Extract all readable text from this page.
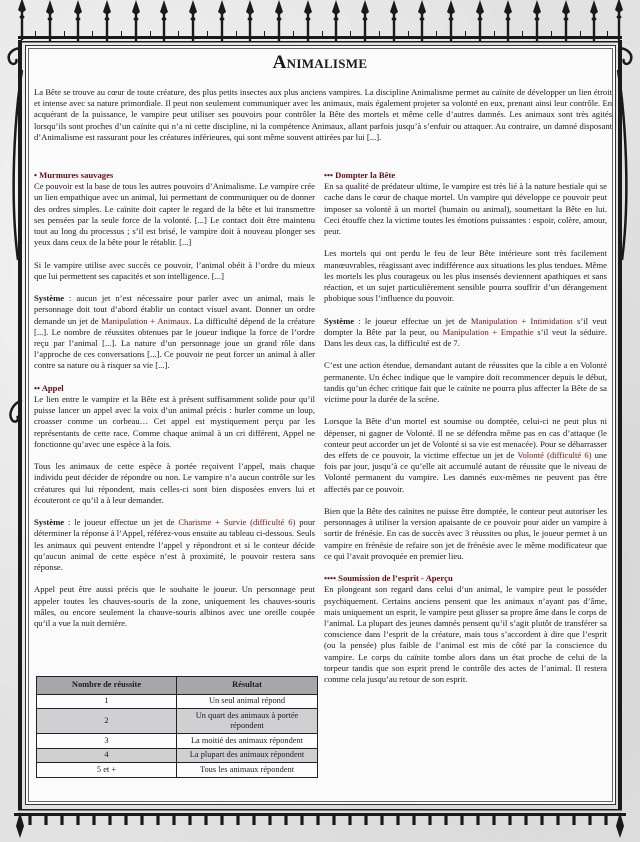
Animalisme

La Bête se trouve au cœur de toute créature, des plus petits insectes aux plus anciens vampires. La discipline Animalisme permet au caïnite de développer un lien étroit et intense avec sa nature primordiale. Il peut non seulement communiquer avec les animaux, mais également projeter sa volonté en eux, prenant ainsi leur contrôle. En acquérant de la puissance, le vampire peut utiliser ses pouvoirs pour contrôler la Bête des mortels et même celle d’autres damnés. Les animaux sont très agités lorsqu’ils sont proches d’un caïnite qui n’a ni cette discipline, ni la compétence Animaux, allant parfois jusqu’à s’enfuir ou attaquer. Au contraire, un damné disposant d’Animalisme est rassurant pour les créatures inférieures, qui sont même souvent attirées par lui [...].

• Murmures sauvages

Ce pouvoir est la base de tous les autres pouvoirs d’Animalisme. Le vampire crée un lien empathique avec un animal, lui permettant de communiquer ou de donner des ordres simples. Le caïnite doit capter le regard de la bête et lui transmettre ses pensées par la seule force de la volonté. [...] Le contact doit être maintenu tout au long du processus ; s’il est brisé, le vampire doit à nouveau plonger ses yeux dans ceux de la bête pour le rétablir. [...]

Si le vampire utilise avec succès ce pouvoir, l’animal obéit à l’ordre du mieux que lui permettent ses capacités et son intelligence. [...]

Système : aucun jet n’est nécessaire pour parler avec un animal, mais le personnage doit tout d’abord établir un contact visuel avant. Donner un ordre demande un jet de Manipulation + Animaux. La difficulté dépend de la créature [...]. Le nombre de réussites obtenues par le joueur indique la force de l’ordre reçu par l’animal [...]. La nature d’un personnage joue un grand rôle dans l’approche de ces conversations [...]. Ce pouvoir ne peut forcer un animal à aller contre sa nature ou à risquer sa vie [...].

•• Appel

Le lien entre le vampire et la Bête est à présent suffisamment solide pour qu’il puisse lancer un appel avec la voix d’un animal précis : hurler comme un loup, croasser comme un corbeau… Cet appel est mystiquement perçu par les représentants de cette race. Comme chaque animal à un cri différent, Appel ne fonctionne qu’avec une espèce à la fois.

Tous les animaux de cette espèce à portée reçoivent l’appel, mais chaque individu peut décider de répondre ou non. Le vampire n’a aucun contrôle sur les créatures qui lui répondent, mais celles-ci sont bien disposées envers lui et écouteront ce qu’il a à leur demander.

Système : le joueur effectue un jet de Charisme + Survie (difficulté 6) pour déterminer la réponse à l’Appel, référez-vous ensuite au tableau ci-dessous. Seuls les animaux qui peuvent entendre l’appel y répondront et si le conteur décide qu’aucun animal de cette espèce n’est à proximité, le pouvoir restera sans réponse.

Appel peut être aussi précis que le souhaite le joueur. Un personnage peut appeler toutes les chauves-souris de la zone, uniquement les chauves-souris mâles, ou encore seulement la chauve-souris albinos avec une oreille coupée qu’il a vue la nuit dernière.

Nombre de réussite	Résultat
1	Un seul animal répond
2	Un quart des animaux à portée répondent
3	La moitié des animaux répondent
4	La plupart des animaux répondent
5 et +	Tous les animaux répondent
••• Dompter la Bête

En sa qualité de prédateur ultime, le vampire est très lié à la nature bestiale qui se cache dans le cœur de chaque mortel. Un vampire qui développe ce pouvoir peut imposer sa volonté à un mortel (humain ou animal), soumettant la Bête en lui. Ceci étouffe chez la victime toutes les émotions puissantes : espoir, colère, amour, peur.

Les mortels qui ont perdu le feu de leur Bête intérieure sont très facilement manœuvrables, réagissant avec indifférence aux situations les plus tendues. Même les mortels les plus courageux ou les plus insensés deviennent apathiques et sans réaction, et un sujet particulièrement sensible pourra souffrir d’un dérangement phobique sous l’influence du pouvoir.

Système : le joueur effectue un jet de Manipulation + Intimidation s’il veut dompter la Bête par la peur, ou Manipulation + Empathie s’il veut la séduire. Dans les deux cas, la difficulté est de 7.

C’est une action étendue, demandant autant de réussites que la cible a en Volonté permanente. Un échec indique que le vampire doit recommencer depuis le début, tandis qu’un échec critique fait que le caïnite ne pourra plus affecter la Bête de sa victime pour la durée de la scène.

Lorsque la Bête d’un mortel est soumise ou domptée, celui-ci ne peut plus ni dépenser, ni gagner de Volonté. Il ne se défendra même pas en cas d’attaque (le conteur peut accorder un jet de Volonté si sa vie est menacée). Pour se débarrasser des effets de ce pouvoir, la victime effectue un jet de Volonté (difficulté 6) une fois par jour, jusqu’à ce qu’elle ait accumulé autant de réussite que le niveau de Volonté permanent du vampire. Les damnés eux-mêmes ne peuvent pas être affectés par ce pouvoir.

Bien que la Bête des caïnites ne puisse être domptée, le conteur peut autoriser les personnages à utiliser la version apaisante de ce pouvoir pour aider un vampire à sortir de frénésie. En cas de succès avec 3 réussites ou plus, le joueur permet à un vampire en frénésie de refaire son jet de frénésie avec le même modificateur que ce qui l’avait provoquée en premier lieu.

•••• Soumission de l’esprit - Aperçu

En plongeant son regard dans celui d’un animal, le vampire peut le posséder psychiquement. Certains anciens pensent que les animaux n’ayant pas d’âme, mais uniquement un esprit, le vampire peut glisser sa propre âme dans le corps de l’animal. La plupart des jeunes damnés pensent qu’il s’agit plutôt de transférer sa conscience dans l’esprit de la créature, mais tous s’accordent à dire que l’esprit (ou la pensée) plus faible de l’animal est mis de côté par la conscience du vampire. Le corps du caïnite tombe alors dans un état proche de celui de la torpeur tandis que son esprit prend le contrôle des actes de l’animal. Il restera comme cela jusqu’au retour de son esprit.
